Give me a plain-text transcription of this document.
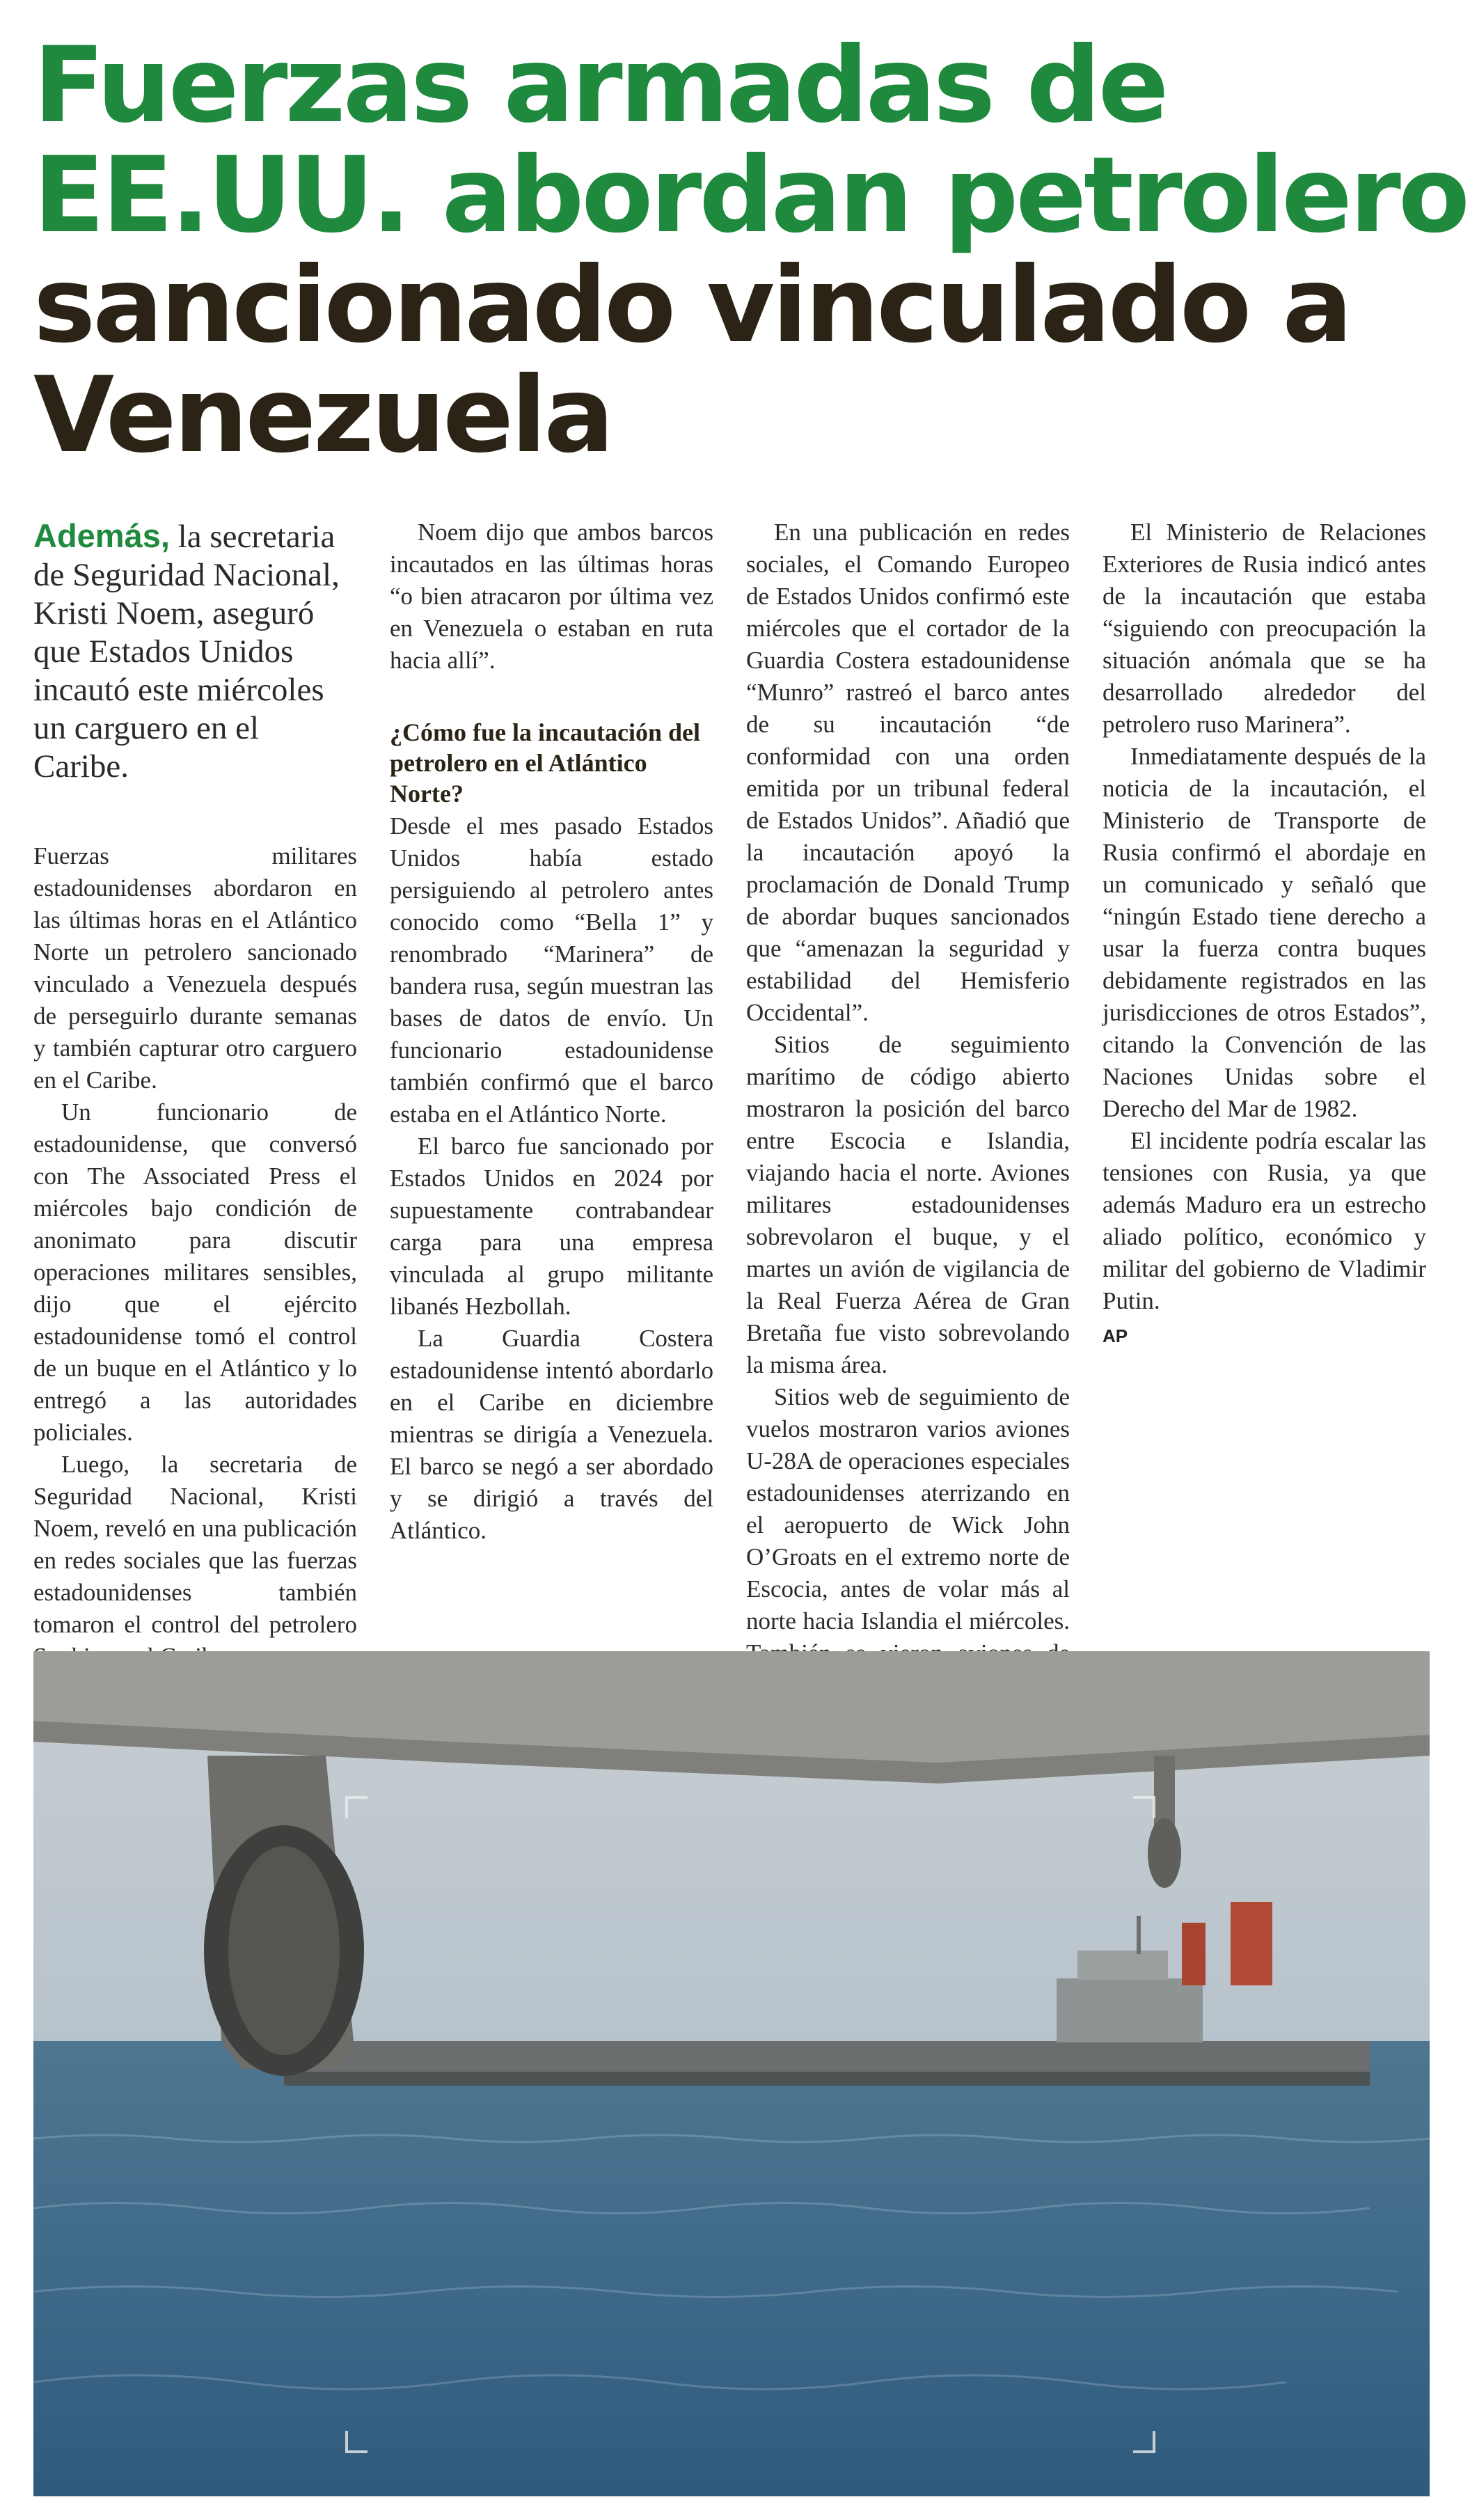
Fuerzas armadas de
EE.UU. abordan petrolero
sancionado vinculado a
Venezuela

Además, la secretaria de Seguridad Nacional, Kristi Noem, aseguró que Estados Unidos incautó este miércoles un carguero en el Caribe.

Fuerzas militares estadounidenses abordaron en las últimas horas en el Atlántico Norte un petrolero sancionado vinculado a Venezuela después de perseguirlo durante semanas y también capturar otro carguero en el Caribe.

Un funcionario de estadounidense, que conversó con The Associated Press el miércoles bajo condición de anonimato para discutir operaciones militares sensibles, dijo que el ejército estadounidense tomó el control de un buque en el Atlántico y lo entregó a las autoridades policiales.

Luego, la secretaria de Seguridad Nacional, Kristi Noem, reveló en una publicación en redes sociales que las fuerzas estadounidenses también tomaron el control del petrolero

Noem dijo que ambos barcos incautados en las últimas horas “o bien atracaron por última vez en Venezuela o estaban en ruta hacia allí”.

¿Cómo fue la incautación del petrolero en el Atlántico Norte?

Desde el mes pasado Estados Unidos había estado persiguiendo al petrolero antes conocido como “Bella 1” y renombrado “Marinera” de bandera rusa, según muestran las bases de datos de envío. Un funcionario estadounidense también confirmó que el barco estaba en el Atlántico Norte.

El barco fue sancionado por Estados Unidos en 2024 por supuestamente contrabandear carga para una empresa vinculada al grupo militante libanés Hezbollah.

La Guardia Costera estadounidense intentó abordarlo en el Caribe en diciembre mientras se dirigía a Venezuela. El barco se negó a ser abordado y se dirigió a través del Atlántico.

En una publicación en redes sociales, el Comando Europeo de Estados Unidos confirmó este miércoles que el cortador de la Guardia Costera estadounidense “Munro” rastreó el barco antes de su incautación “de conformidad con una orden emitida por un tribunal federal de Estados Unidos”. Añadió que la incautación apoyó la proclamación de Donald Trump de abordar buques sancionados que “amenazan la seguridad y estabilidad del Hemisferio Occidental”.

Sitios de seguimiento marítimo de código abierto mostraron la posición del barco entre Escocia e Islandia, viajando hacia el norte. Aviones militares estadounidenses sobrevolaron el buque, y el martes un avión de vigilancia de la Real Fuerza Aérea de Gran Bretaña fue visto sobrevolando la misma área.

Sitios web de seguimiento de vuelos mostraron varios aviones U-28A de operaciones especiales estadounidenses aterrizando en el aeropuerto de Wick John O’Groats en el extremo norte de Escocia, antes de volar más al norte hacia Islandia el miércoles.

El Ministerio de Relaciones Exteriores de Rusia indicó antes de la incautación que estaba “siguiendo con preocupación la situación anómala que se ha desarrollado alrededor del petrolero ruso Marinera”.

Inmediatamente después de la noticia de la incautación, el Ministerio de Transporte de Rusia confirmó el abordaje en un comunicado y señaló que “ningún Estado tiene derecho a usar la fuerza contra buques debidamente registrados en las jurisdicciones de otros Estados”, citando la Convención de las Naciones Unidas sobre el Derecho del Mar de 1982.

El incidente podría escalar las tensiones con Rusia, ya que además Maduro era un estrecho aliado político, económico y militar del gobierno de Vladimir Putin.

AP
